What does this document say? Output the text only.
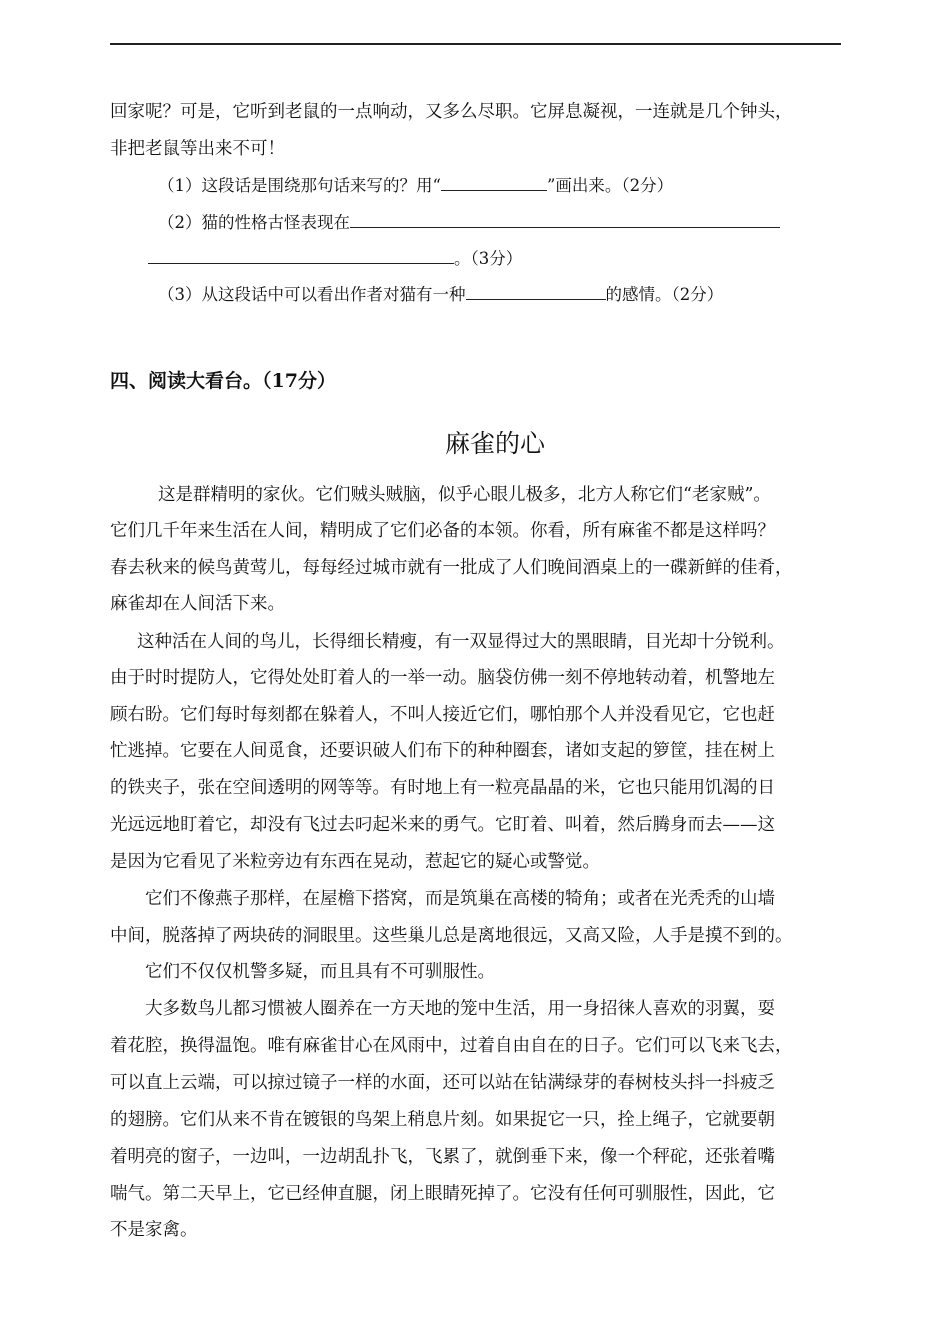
回家呢？可是，它听到老鼠的一点响动，又多么尽职。它屏息凝视，一连就是几个钟头，
非把老鼠等出来不可！
（1）这段话是围绕那句话来写的？用“	”画出来。（2分）
（2）猫的性格古怪表现在
。（3分）
（3）从这段话中可以看出作者对猫有一种	的感情。（2分）
四、阅读大看台。（17分）
麻雀的心
这是群精明的家伙。它们贼头贼脑，似乎心眼儿极多，北方人称它们“老家贼”。
它们几千年来生活在人间，精明成了它们必备的本领。你看，所有麻雀不都是这样吗？
春去秋来的候鸟黄莺儿，每每经过城市就有一批成了人们晚间酒桌上的一碟新鲜的佳肴，
麻雀却在人间活下来。
这种活在人间的鸟儿，长得细长精瘦，有一双显得过大的黑眼睛，目光却十分锐利。
由于时时提防人，它得处处盯着人的一举一动。脑袋仿佛一刻不停地转动着，机警地左
顾右盼。它们每时每刻都在躲着人，不叫人接近它们，哪怕那个人并没看见它，它也赶
忙逃掉。它要在人间觅食，还要识破人们布下的种种圈套，诸如支起的箩筐，挂在树上
的铁夹子，张在空间透明的网等等。有时地上有一粒亮晶晶的米，它也只能用饥渴的日
光远远地盯着它，却没有飞过去叼起米来的勇气。它盯着、叫着，然后腾身而去——这
是因为它看见了米粒旁边有东西在晃动，惹起它的疑心或警觉。
它们不像燕子那样，在屋檐下搭窝，而是筑巢在高楼的犄角；或者在光秃秃的山墙
中间，脱落掉了两块砖的洞眼里。这些巢儿总是离地很远，又高又险，人手是摸不到的。
它们不仅仅机警多疑，而且具有不可驯服性。
大多数鸟儿都习惯被人圈养在一方天地的笼中生活，用一身招徕人喜欢的羽翼，耍
着花腔，换得温饱。唯有麻雀甘心在风雨中，过着自由自在的日子。它们可以飞来飞去，
可以直上云端，可以掠过镜子一样的水面，还可以站在钻满绿芽的春树枝头抖一抖疲乏
的翅膀。它们从来不肯在镀银的鸟架上稍息片刻。如果捉它一只，拴上绳子，它就要朝
着明亮的窗子，一边叫，一边胡乱扑飞，飞累了，就倒垂下来，像一个秤砣，还张着嘴
喘气。第二天早上，它已经伸直腿，闭上眼睛死掉了。它没有任何可驯服性，因此，它
不是家禽。
